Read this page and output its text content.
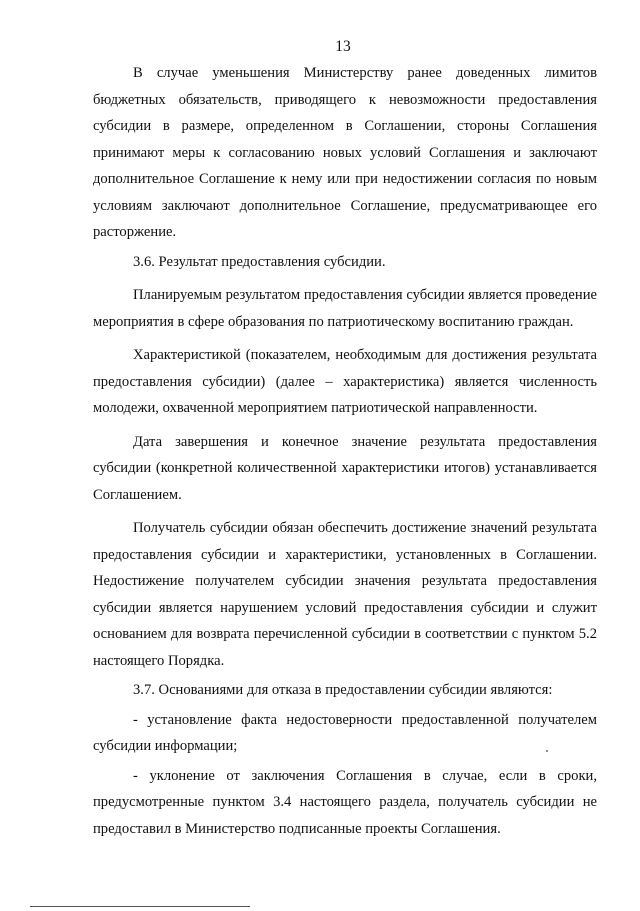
13

В случае уменьшения Министерству ранее доведенных лимитов бюджетных обязательств, приводящего к невозможности предоставления субсидии в размере, определенном в Соглашении, стороны Соглашения принимают меры к согласованию новых условий Соглашения и заключают дополнительное Соглашение к нему или при недостижении согласия по новым условиям заключают дополнительное Соглашение, предусматривающее его расторжение.

3.6. Результат предоставления субсидии.

Планируемым результатом предоставления субсидии является проведение мероприятия в сфере образования по патриотическому воспитанию граждан.

Характеристикой (показателем, необходимым для достижения результата предоставления субсидии) (далее – характеристика) является численность молодежи, охваченной мероприятием патриотической направленности.

Дата завершения и конечное значение результата предоставления субсидии (конкретной количественной характеристики итогов) устанавливается Соглашением.

Получатель субсидии обязан обеспечить достижение значений результата предоставления субсидии и характеристики, установленных в Соглашении. Недостижение получателем субсидии значения результата предоставления субсидии является нарушением условий предоставления субсидии и служит основанием для возврата перечисленной субсидии в соответствии с пунктом 5.2 настоящего Порядка.

3.7. Основаниями для отказа в предоставлении субсидии являются:

- установление факта недостоверности предоставленной получателем субсидии информации;

- уклонение от заключения Соглашения в случае, если в сроки, предусмотренные пунктом 3.4 настоящего раздела, получатель субсидии не предоставил в Министерство подписанные проекты Соглашения.
